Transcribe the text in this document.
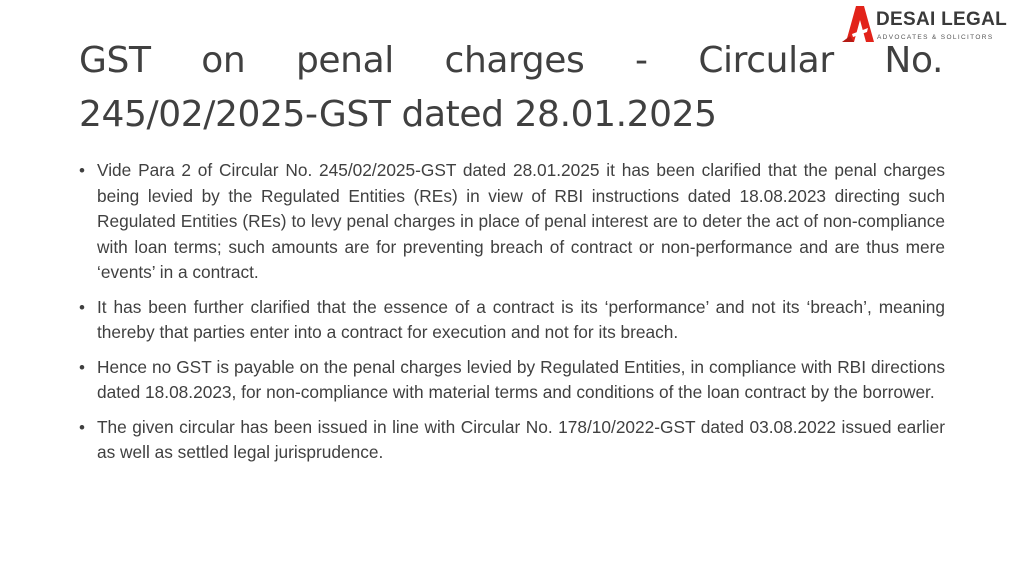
DESAI LEGAL
ADVOCATES & SOLICITORS
GST on penal charges - Circular No.
245/02/2025-GST dated 28.01.2025
• Vide Para 2 of Circular No. 245/02/2025-GST dated 28.01.2025 it has been clarified that the penal charges being levied by the Regulated Entities (REs) in view of RBI instructions dated 18.08.2023 directing such Regulated Entities (REs) to levy penal charges in place of penal interest are to deter the act of non-compliance with loan terms; such amounts are for preventing breach of contract or non-performance and are thus mere ‘events’ in a contract.
• It has been further clarified that the essence of a contract is its ‘performance’ and not its ‘breach’, meaning thereby that parties enter into a contract for execution and not for its breach.
• Hence no GST is payable on the penal charges levied by Regulated Entities, in compliance with RBI directions dated 18.08.2023, for non-compliance with material terms and conditions of the loan contract by the borrower.
• The given circular has been issued in line with Circular No. 178/10/2022-GST dated 03.08.2022 issued earlier as well as settled legal jurisprudence.
